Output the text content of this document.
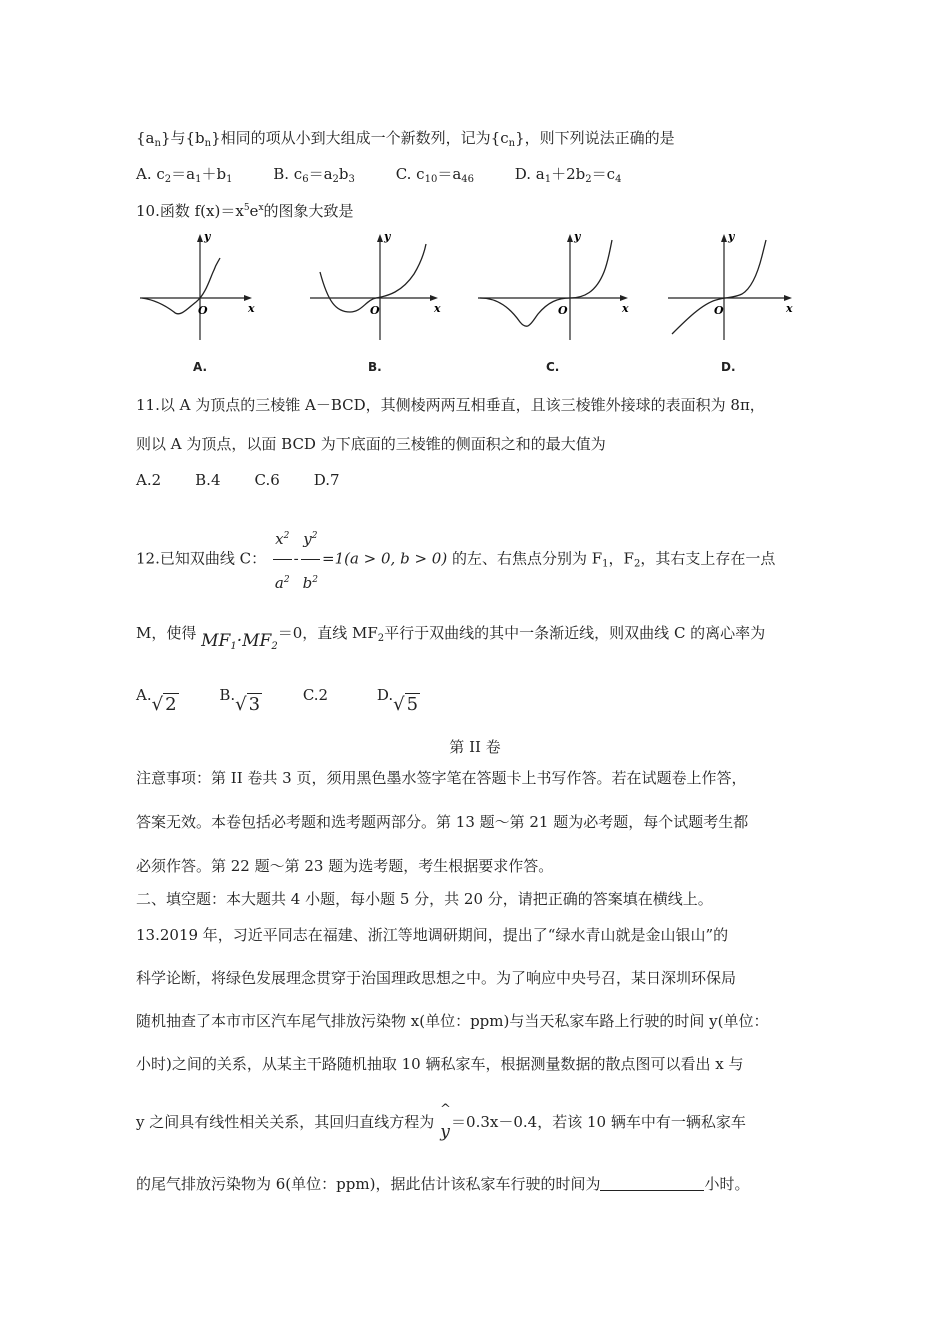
$\{a_n\}$与$\{b_n\}$相同的项从小到大组成一个新数列，记为$\{c_n\}$，则下列说法正确的是
A. $c_2=a_1+b_1$	B. $c_6=a_2b_3$	C. $c_{10}=a_{46}$	D. $a_1+2b_2=c_4$
10.函数 $f(x)=x^5e^x$的图象大致是
y
x
O
y
x
O
y
x
O
y
x
O
A.	B.	C.	D.
11.以 A 为顶点的三棱锥 A－BCD，其侧棱两两互相垂直，且该三棱锥外接球的表面积为 8π，
则以 A 为顶点，以面 BCD 为下底面的三棱锥的侧面积之和的最大值为
A.2 B.4 C.6 D.7
12.已知双曲线 C： $\frac{x^2}{a^2} - \frac{y^2}{b^2} =1(a > 0$, b > 0) 的左、右焦点分别为 $F_1$，$F_2$，其右支上存在一点
M，使得 $MF_1\cdot MF_2=0$，直线 $MF_2$平行于双曲线的其中一条渐近线，则双曲线 C 的离心率为
A.√ 2	B.√ 3	C.2	D.√ 5
第 II 卷
注意事项：第 II 卷共 3 页，须用黑色墨水签字笔在答题卡上书写作答。若在试题卷上作答，
答案无效。本卷包括必考题和选考题两部分。第 13 题～第 21 题为必考题，每个试题考生都
必须作答。第 22 题～第 23 题为选考题，考生根据要求作答。
二、填空题：本大题共 4 小题，每小题 5 分，共 20 分，请把正确的答案填在横线上。
13.2019 年，习近平同志在福建、浙江等地调研期间，提出了“绿水青山就是金山银山”的
科学论断，将绿色发展理念贯穿于治国理政思想之中。为了响应中央号召，某日深圳环保局
随机抽查了本市市区汽车尾气排放污染物 x(单位：ppm)与当天私家车路上行驶的时间 y(单位：
小时)之间的关系，从某主干路随机抽取 10 辆私家车，根据测量数据的散点图可以看出 x 与
y 之间具有线性相关关系，其回归直线方程为
^
y＝0.3x－0.4，若该 10 辆车中有一辆私家车
的尾气排放污染物为 6(单位：ppm)，据此估计该私家车行驶的时间为	小时。
